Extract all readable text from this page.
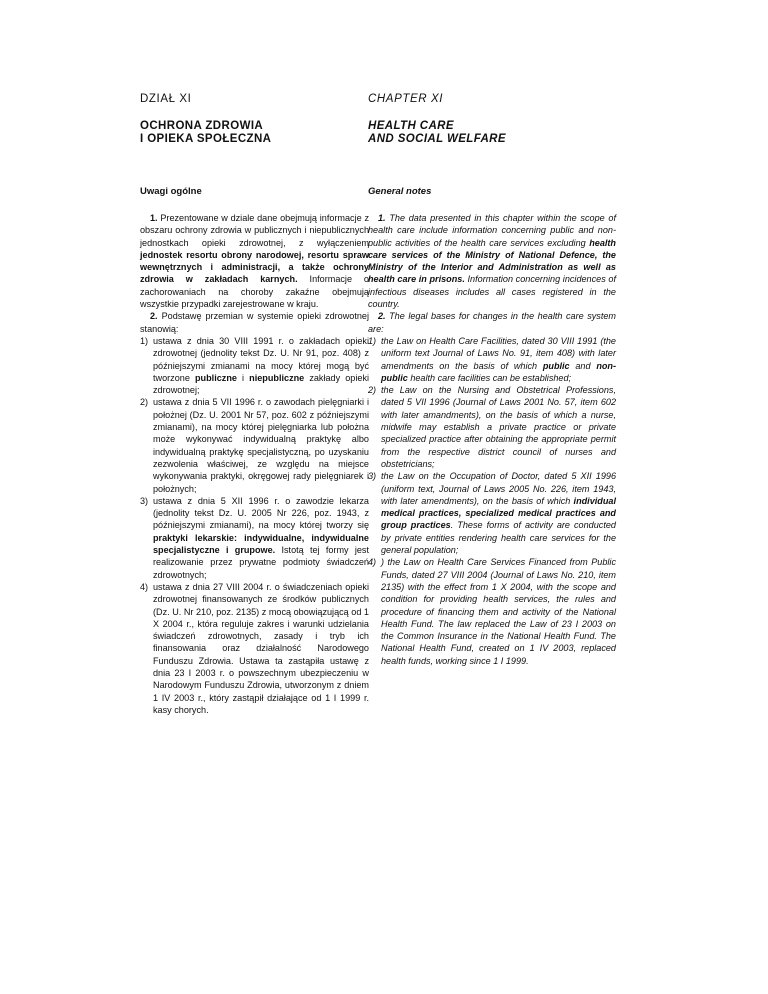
DZIAŁ XI

OCHRONA ZDROWIA

I OPIEKA SPOŁECZNA

Uwagi ogólne

1. Prezentowane w dziale dane obejmują informacje z obszaru ochrony zdrowia w publicznych i niepublicznych jednostkach opieki zdrowotnej, z wyłączeniem jednostek resortu obrony narodowej, resortu spraw wewnętrznych i administracji, a także ochrony zdrowia w zakładach karnych. Informacje o zachorowaniach na choroby zakaźne obejmują wszystkie przypadki zarejestrowane w kraju.

2. Podstawę przemian w systemie opieki zdrowotnej stanowią:

1) ustawa z dnia 30 VIII 1991 r. o zakładach opieki zdrowotnej (jednolity tekst Dz. U. Nr 91, poz. 408) z późniejszymi zmianami na mocy której mogą być tworzone publiczne i niepubliczne zakłady opieki zdrowotnej;
2) ustawa z dnia 5 VII 1996 r. o zawodach pielęgniarki i położnej (Dz. U. 2001 Nr 57, poz. 602 z późniejszymi zmianami), na mocy której pielęgniarka lub położna może wykonywać indywidualną praktykę albo indywidualną praktykę specjalistyczną, po uzyskaniu zezwolenia właściwej, ze względu na miejsce wykonywania praktyki, okręgowej rady pielęgniarek i położnych;
3) ustawa z dnia 5 XII 1996 r. o zawodzie lekarza (jednolity tekst Dz. U. 2005 Nr 226, poz. 1943, z późniejszymi zmianami), na mocy której tworzy się praktyki lekarskie: indywidualne, indywidualne specjalistyczne i grupowe. Istotą tej formy jest realizowanie przez prywatne podmioty świadczeń zdrowotnych;
4) ustawa z dnia 27 VIII 2004 r. o świadczeniach opieki zdrowotnej finansowanych ze środków publicznych (Dz. U. Nr 210, poz. 2135) z mocą obowiązującą od 1 X 2004 r., która reguluje zakres i warunki udzielania świadczeń zdrowotnych, zasady i tryb ich finansowania oraz działalność Narodowego Funduszu Zdrowia. Ustawa ta zastąpiła ustawę z dnia 23 I 2003 r. o powszechnym ubezpieczeniu w Narodowym Funduszu Zdrowia, utworzonym z dniem 1 IV 2003 r., który zastąpił działające od 1 I 1999 r. kasy chorych.

CHAPTER XI

HEALTH CARE

AND SOCIAL WELFARE

General notes

1. The data presented in this chapter within the scope of health care include information concerning public and non-public activities of the health care services excluding health care services of the Ministry of National Defence, the Ministry of the Interior and Administration as well as health care in prisons. Information concerning incidences of infectious diseases includes all cases registered in the country.

2. The legal bases for changes in the health care system are:

1) the Law on Health Care Facilities, dated 30 VIII 1991 (the uniform text Journal of Laws No. 91, item 408) with later amendments on the basis of which public and non-public health care facilities can be established;
2) the Law on the Nursing and Obstetrical Professions, dated 5 VII 1996 (Journal of Laws 2001 No. 57, item 602 with later amandments), on the basis of which a nurse, midwife may establish a private practice or private specialized practice after obtaining the appropriate permit from the respective district council of nurses and obstetricians;
3) the Law on the Occupation of Doctor, dated 5 XII 1996 (uniform text, Journal of Laws 2005 No. 226, item 1943, with later amendments), on the basis of which individual medical practices, specialized medical practices and group practices. These forms of activity are conducted by private entities rendering health care services for the general population;
4) ) the Law on Health Care Services Financed from Public Funds, dated 27 VIII 2004 (Journal of Laws No. 210, item 2135) with the effect from 1 X 2004, with the scope and condition for providing health services, the rules and procedure of financing them and activity of the National Health Fund. The law replaced the Law of 23 I 2003 on the Common Insurance in the National Health Fund. The National Health Fund, created on 1 IV 2003, replaced health funds, working since 1 I 1999.
